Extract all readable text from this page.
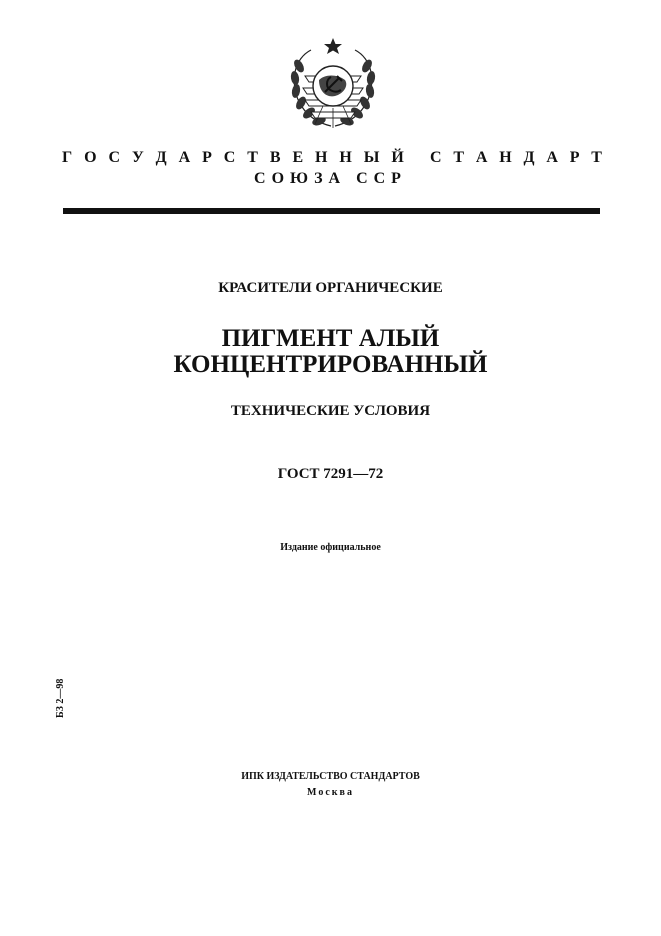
Г О С У Д А Р С Т В Е Н Н Ы Й С Т А Н Д А Р Т
СОЮЗА ССР
КРАСИТЕЛИ ОРГАНИЧЕСКИЕ
ПИГМЕНТ АЛЫЙ
КОНЦЕНТРИРОВАННЫЙ
ТЕХНИЧЕСКИЕ УСЛОВИЯ
ГОСТ 7291—72
Издание официальное
БЗ 2—98
ИПК ИЗДАТЕЛЬСТВО СТАНДАРТОВ
Москва
